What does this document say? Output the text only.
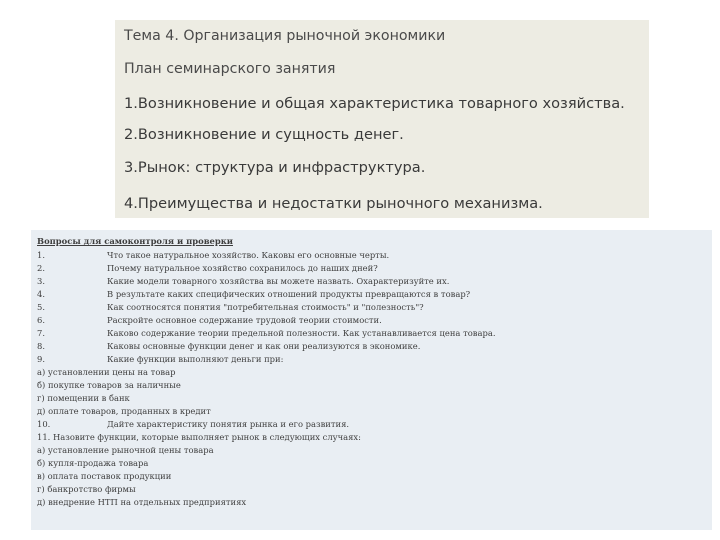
Тема 4. Организация рыночной экономики
План семинарского занятия
1.Возникновение и общая характеристика товарного хозяйства.
2.Возникновение и сущность денег.
3.Рынок: структура и инфраструктура.
4.Преимущества и недостатки рыночного механизма.
Вопросы для самоконтроля и проверки
1.	Что такое натуральное хозяйство. Каковы его основные черты.
2.	Почему натуральное хозяйство сохранилось до наших дней?
3.	Какие модели товарного хозяйства вы можете назвать. Охарактеризуйте их.
4.	В результате каких специфических отношений продукты превращаются в товар?
5.	Как соотносятся понятия "потребительная стоимость" и "полезность"?
6.	Раскройте основное содержание трудовой теории стоимости.
7.	Каково содержание теории предельной полезности. Как устанавливается цена товара.
8.	Каковы основные функции денег и как они реализуются в экономике.
9.	Какие функции выполняют деньги при:
а) установлении цены на товар
б) покупке товаров за наличные
г) помещении в банк
д) оплате товаров, проданных в кредит
10.	Дайте характеристику понятия рынка и его развития.
11. Назовите функции, которые выполняет рынок в следующих случаях:
а) установление рыночной цены товара
б) купля-продажа товара
в) оплата поставок продукции
г) банкротство фирмы
д) внедрение НТП на отдельных предприятиях
